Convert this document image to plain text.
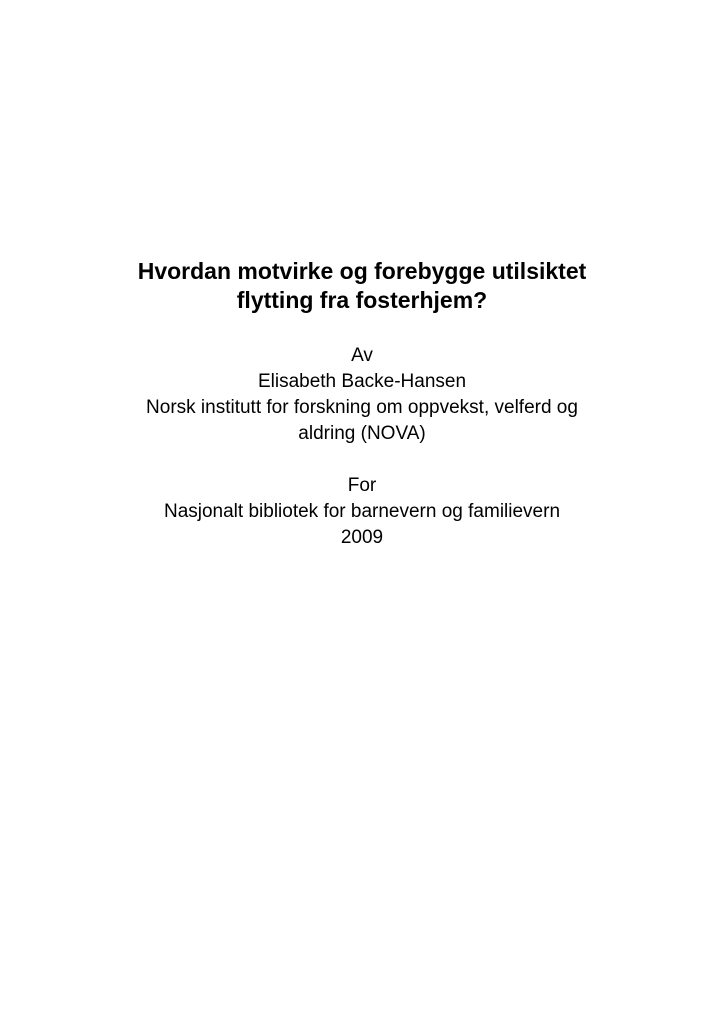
Hvordan motvirke og forebygge utilsiktet
flytting fra fosterhjem?
Av
Elisabeth Backe-Hansen
Norsk institutt for forskning om oppvekst, velferd og
aldring (NOVA)
For
Nasjonalt bibliotek for barnevern og familievern
2009
